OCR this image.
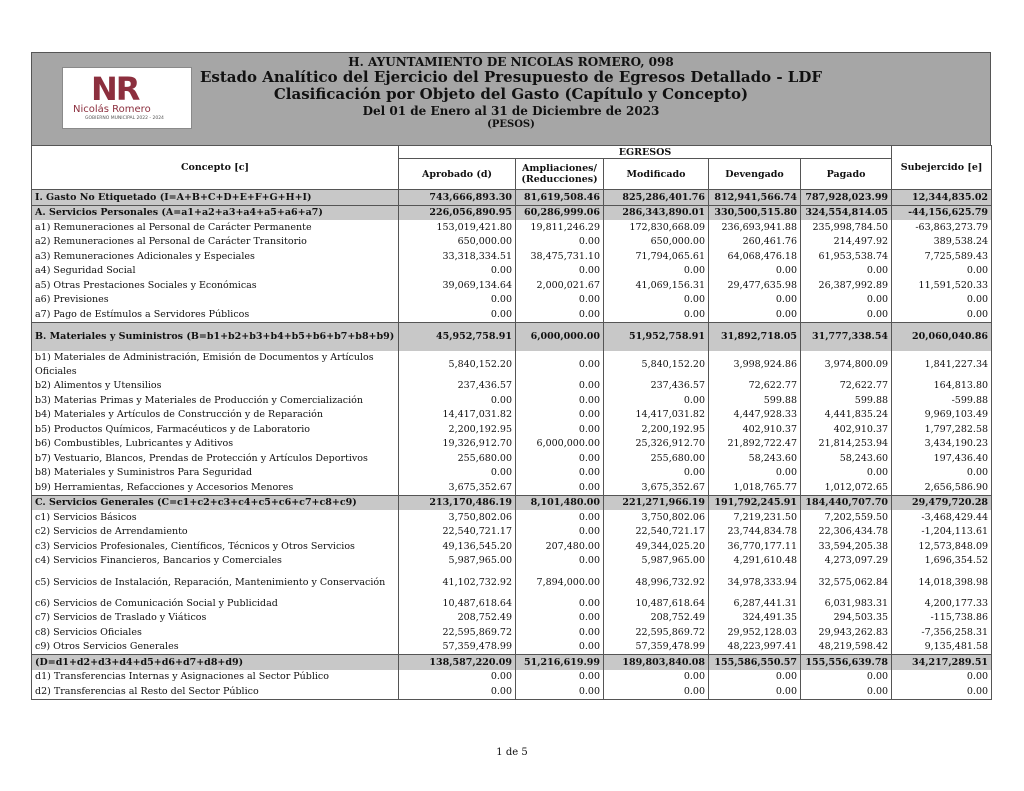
NR
Nicolás Romero
GOBIERNO MUNICIPAL 2022 - 2024
H. AYUNTAMIENTO DE NICOLAS ROMERO, 098
Estado Analítico del Ejercicio del Presupuesto de Egresos Detallado - LDF
Clasificación por Objeto del Gasto (Capítulo y Concepto)
Del 01 de Enero al 31 de Diciembre de 2023
(PESOS)
Concepto [c]	EGRESOS					Subejercido [e]
	Aprobado (d)	Ampliaciones/ (Reducciones)	Modificado	Devengado	Pagado	
I. Gasto No Etiquetado (I=A+B+C+D+E+F+G+H+I)	743,666,893.30	81,619,508.46	825,286,401.76	812,941,566.74	787,928,023.99	12,344,835.02
A. Servicios Personales (A=a1+a2+a3+a4+a5+a6+a7)	226,056,890.95	60,286,999.06	286,343,890.01	330,500,515.80	324,554,814.05	-44,156,625.79
a1) Remuneraciones al Personal de Carácter Permanente	153,019,421.80	19,811,246.29	172,830,668.09	236,693,941.88	235,998,784.50	-63,863,273.79
a2) Remuneraciones al Personal de Carácter Transitorio	650,000.00	0.00	650,000.00	260,461.76	214,497.92	389,538.24
a3) Remuneraciones Adicionales y Especiales	33,318,334.51	38,475,731.10	71,794,065.61	64,068,476.18	61,953,538.74	7,725,589.43
a4) Seguridad Social	0.00	0.00	0.00	0.00	0.00	0.00
a5) Otras Prestaciones Sociales y Económicas	39,069,134.64	2,000,021.67	41,069,156.31	29,477,635.98	26,387,992.89	11,591,520.33
a6) Previsiones	0.00	0.00	0.00	0.00	0.00	0.00
a7) Pago de Estímulos a Servidores Públicos	0.00	0.00	0.00	0.00	0.00	0.00
B. Materiales y Suministros (B=b1+b2+b3+b4+b5+b6+b7+b8+b9)	45,952,758.91	6,000,000.00	51,952,758.91	31,892,718.05	31,777,338.54	20,060,040.86
b1) Materiales de Administración, Emisión de Documentos y Artículos Oficiales	5,840,152.20	0.00	5,840,152.20	3,998,924.86	3,974,800.09	1,841,227.34
b2) Alimentos y Utensilios	237,436.57	0.00	237,436.57	72,622.77	72,622.77	164,813.80
b3) Materias Primas y Materiales de Producción y Comercialización	0.00	0.00	0.00	599.88	599.88	-599.88
b4) Materiales y Artículos de Construcción y de Reparación	14,417,031.82	0.00	14,417,031.82	4,447,928.33	4,441,835.24	9,969,103.49
b5) Productos Químicos, Farmacéuticos y de Laboratorio	2,200,192.95	0.00	2,200,192.95	402,910.37	402,910.37	1,797,282.58
b6) Combustibles, Lubricantes y Aditivos	19,326,912.70	6,000,000.00	25,326,912.70	21,892,722.47	21,814,253.94	3,434,190.23
b7) Vestuario, Blancos, Prendas de Protección y Artículos Deportivos	255,680.00	0.00	255,680.00	58,243.60	58,243.60	197,436.40
b8) Materiales y Suministros Para Seguridad	0.00	0.00	0.00	0.00	0.00	0.00
b9) Herramientas, Refacciones y Accesorios Menores	3,675,352.67	0.00	3,675,352.67	1,018,765.77	1,012,072.65	2,656,586.90
C. Servicios Generales (C=c1+c2+c3+c4+c5+c6+c7+c8+c9)	213,170,486.19	8,101,480.00	221,271,966.19	191,792,245.91	184,440,707.70	29,479,720.28
c1) Servicios Básicos	3,750,802.06	0.00	3,750,802.06	7,219,231.50	7,202,559.50	-3,468,429.44
c2) Servicios de Arrendamiento	22,540,721.17	0.00	22,540,721.17	23,744,834.78	22,306,434.78	-1,204,113.61
c3) Servicios Profesionales, Científicos, Técnicos y Otros Servicios	49,136,545.20	207,480.00	49,344,025.20	36,770,177.11	33,594,205.38	12,573,848.09
c4) Servicios Financieros, Bancarios y Comerciales	5,987,965.00	0.00	5,987,965.00	4,291,610.48	4,273,097.29	1,696,354.52
c5) Servicios de Instalación, Reparación, Mantenimiento y Conservación	41,102,732.92	7,894,000.00	48,996,732.92	34,978,333.94	32,575,062.84	14,018,398.98
c6) Servicios de Comunicación Social y Publicidad	10,487,618.64	0.00	10,487,618.64	6,287,441.31	6,031,983.31	4,200,177.33
c7) Servicios de Traslado y Viáticos	208,752.49	0.00	208,752.49	324,491.35	294,503.35	-115,738.86
c8) Servicios Oficiales	22,595,869.72	0.00	22,595,869.72	29,952,128.03	29,943,262.83	-7,356,258.31
c9) Otros Servicios Generales	57,359,478.99	0.00	57,359,478.99	48,223,997.41	48,219,598.42	9,135,481.58
(D=d1+d2+d3+d4+d5+d6+d7+d8+d9)	138,587,220.09	51,216,619.99	189,803,840.08	155,586,550.57	155,556,639.78	34,217,289.51
d1) Transferencias Internas y Asignaciones al Sector Público	0.00	0.00	0.00	0.00	0.00	0.00
d2) Transferencias al Resto del Sector Público	0.00	0.00	0.00	0.00	0.00	0.00
1 de 5
